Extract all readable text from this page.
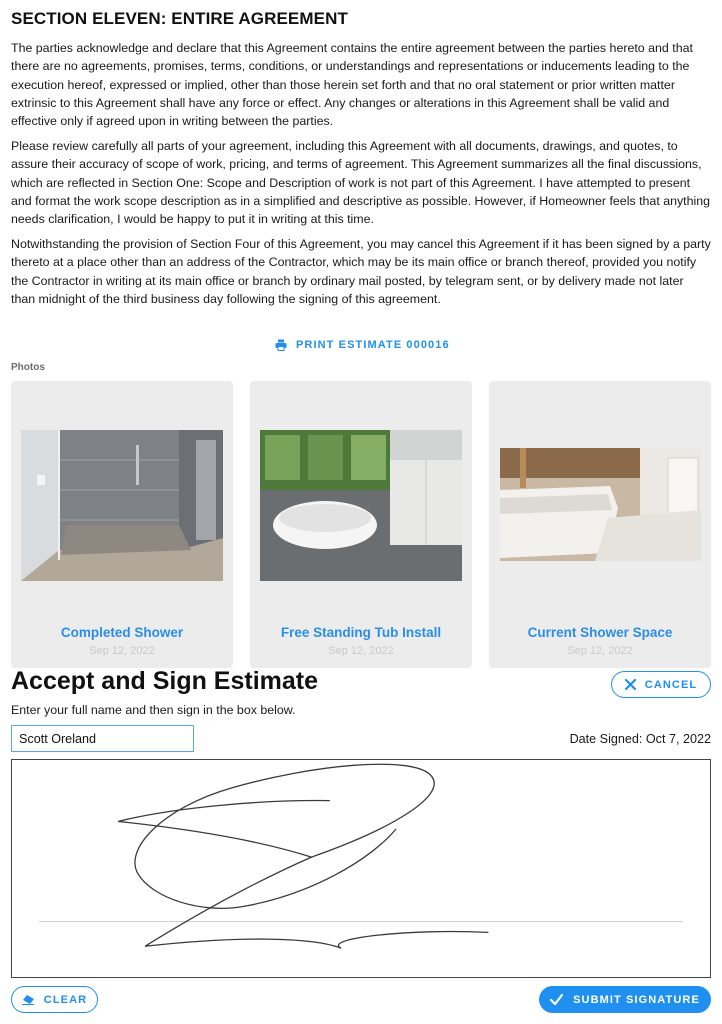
SECTION ELEVEN: ENTIRE AGREEMENT

The parties acknowledge and declare that this Agreement contains the entire agreement between the parties hereto and that there are no agreements, promises, terms, conditions, or understandings and representations or inducements leading to the execution hereof, expressed or implied, other than those herein set forth and that no oral statement or prior written matter extrinsic to this Agreement shall have any force or effect. Any changes or alterations in this Agreement shall be valid and effective only if agreed upon in writing between the parties.

Please review carefully all parts of your agreement, including this Agreement with all documents, drawings, and quotes, to assure their accuracy of scope of work, pricing, and terms of agreement. This Agreement summarizes all the final discussions, which are reflected in Section One: Scope and Description of work is not part of this Agreement. I have attempted to present and format the work scope description as in a simplified and descriptive as possible. However, if Homeowner feels that anything needs clarification, I would be happy to put it in writing at this time.

Notwithstanding the provision of Section Four of this Agreement, you may cancel this Agreement if it has been signed by a party thereto at a place other than an address of the Contractor, which may be its main office or branch thereof, provided you notify the Contractor in writing at its main office or branch by ordinary mail posted, by telegram sent, or by delivery made not later than midnight of the third business day following the signing of this agreement.

PRINT ESTIMATE 000016
Photos
Completed Shower
Sep 12, 2022
Free Standing Tub Install
Sep 12, 2022
Current Shower Space
Sep 12, 2022
Accept and Sign Estimate	CANCEL
Enter your full name and then sign in the box below.
Scott Oreland
Date Signed: Oct 7, 2022
CLEAR	SUBMIT SIGNATURE
